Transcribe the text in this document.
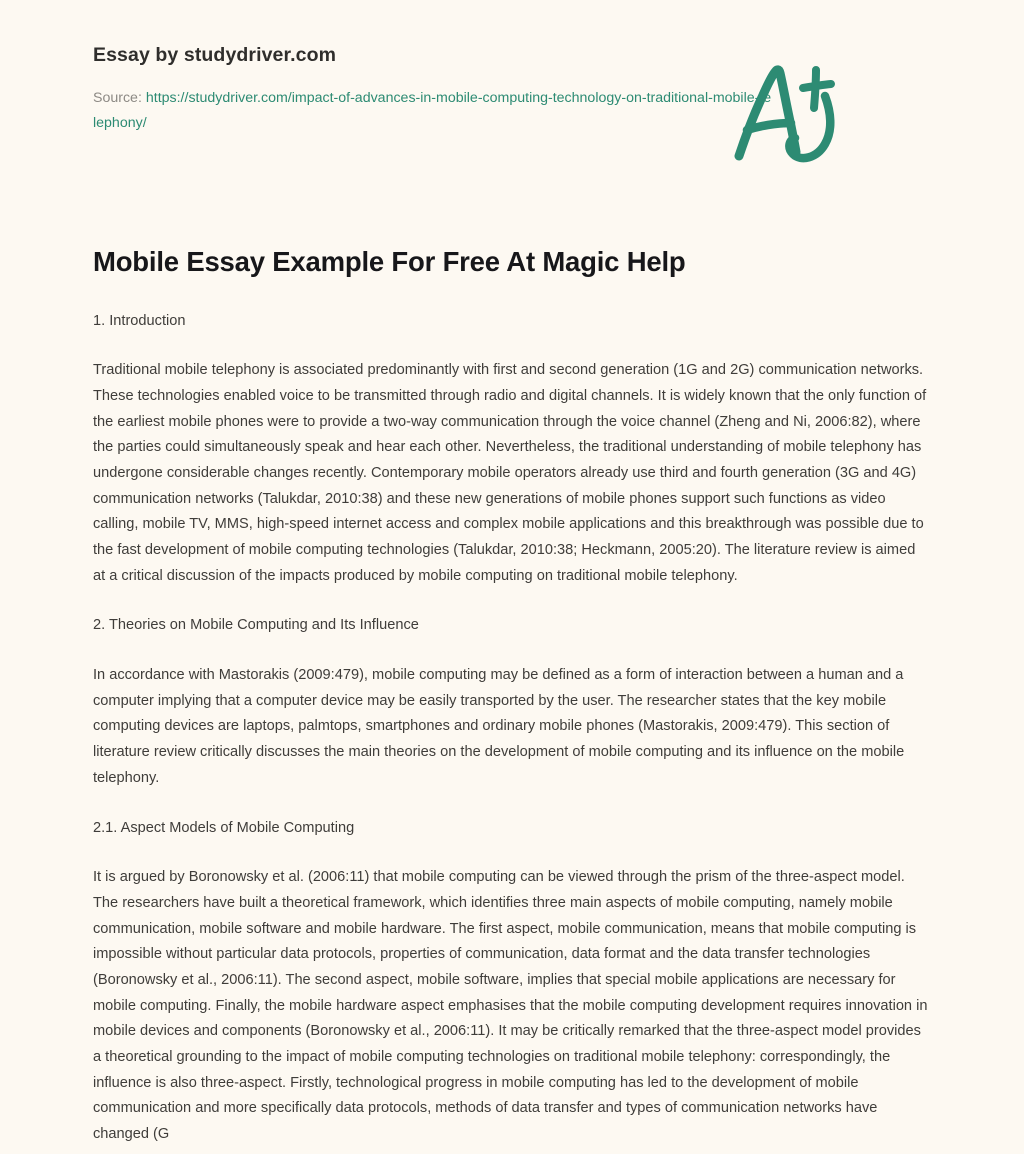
Essay by studydriver.com

Source: https://studydriver.com/impact-of-advances-in-mobile-computing-technology-on-traditional-mobile-telephony/

Mobile Essay Example For Free At Magic Help

1. Introduction

Traditional mobile telephony is associated predominantly with first and second generation (1G and 2G) communication networks. These technologies enabled voice to be transmitted through radio and digital channels. It is widely known that the only function of the earliest mobile phones were to provide a two-way communication through the voice channel (Zheng and Ni, 2006:82), where the parties could simultaneously speak and hear each other. Nevertheless, the traditional understanding of mobile telephony has undergone considerable changes recently. Contemporary mobile operators already use third and fourth generation (3G and 4G) communication networks (Talukdar, 2010:38) and these new generations of mobile phones support such functions as video calling, mobile TV, MMS, high-speed internet access and complex mobile applications and this breakthrough was possible due to the fast development of mobile computing technologies (Talukdar, 2010:38; Heckmann, 2005:20). The literature review is aimed at a critical discussion of the impacts produced by mobile computing on traditional mobile telephony.

2. Theories on Mobile Computing and Its Influence

In accordance with Mastorakis (2009:479), mobile computing may be defined as a form of interaction between a human and a computer implying that a computer device may be easily transported by the user. The researcher states that the key mobile computing devices are laptops, palmtops, smartphones and ordinary mobile phones (Mastorakis, 2009:479). This section of literature review critically discusses the main theories on the development of mobile computing and its influence on the mobile telephony.

2.1. Aspect Models of Mobile Computing

It is argued by Boronowsky et al. (2006:11) that mobile computing can be viewed through the prism of the three-aspect model. The researchers have built a theoretical framework, which identifies three main aspects of mobile computing, namely mobile communication, mobile software and mobile hardware. The first aspect, mobile communication, means that mobile computing is impossible without particular data protocols, properties of communication, data format and the data transfer technologies (Boronowsky et al., 2006:11). The second aspect, mobile software, implies that special mobile applications are necessary for mobile computing. Finally, the mobile hardware aspect emphasises that the mobile computing development requires innovation in mobile devices and components (Boronowsky et al., 2006:11). It may be critically remarked that the three-aspect model provides a theoretical grounding to the impact of mobile computing technologies on traditional mobile telephony: correspondingly, the influence is also three-aspect. Firstly, technological progress in mobile computing has led to the development of mobile communication and more specifically data protocols, methods of data transfer and types of communication networks have changed (G
